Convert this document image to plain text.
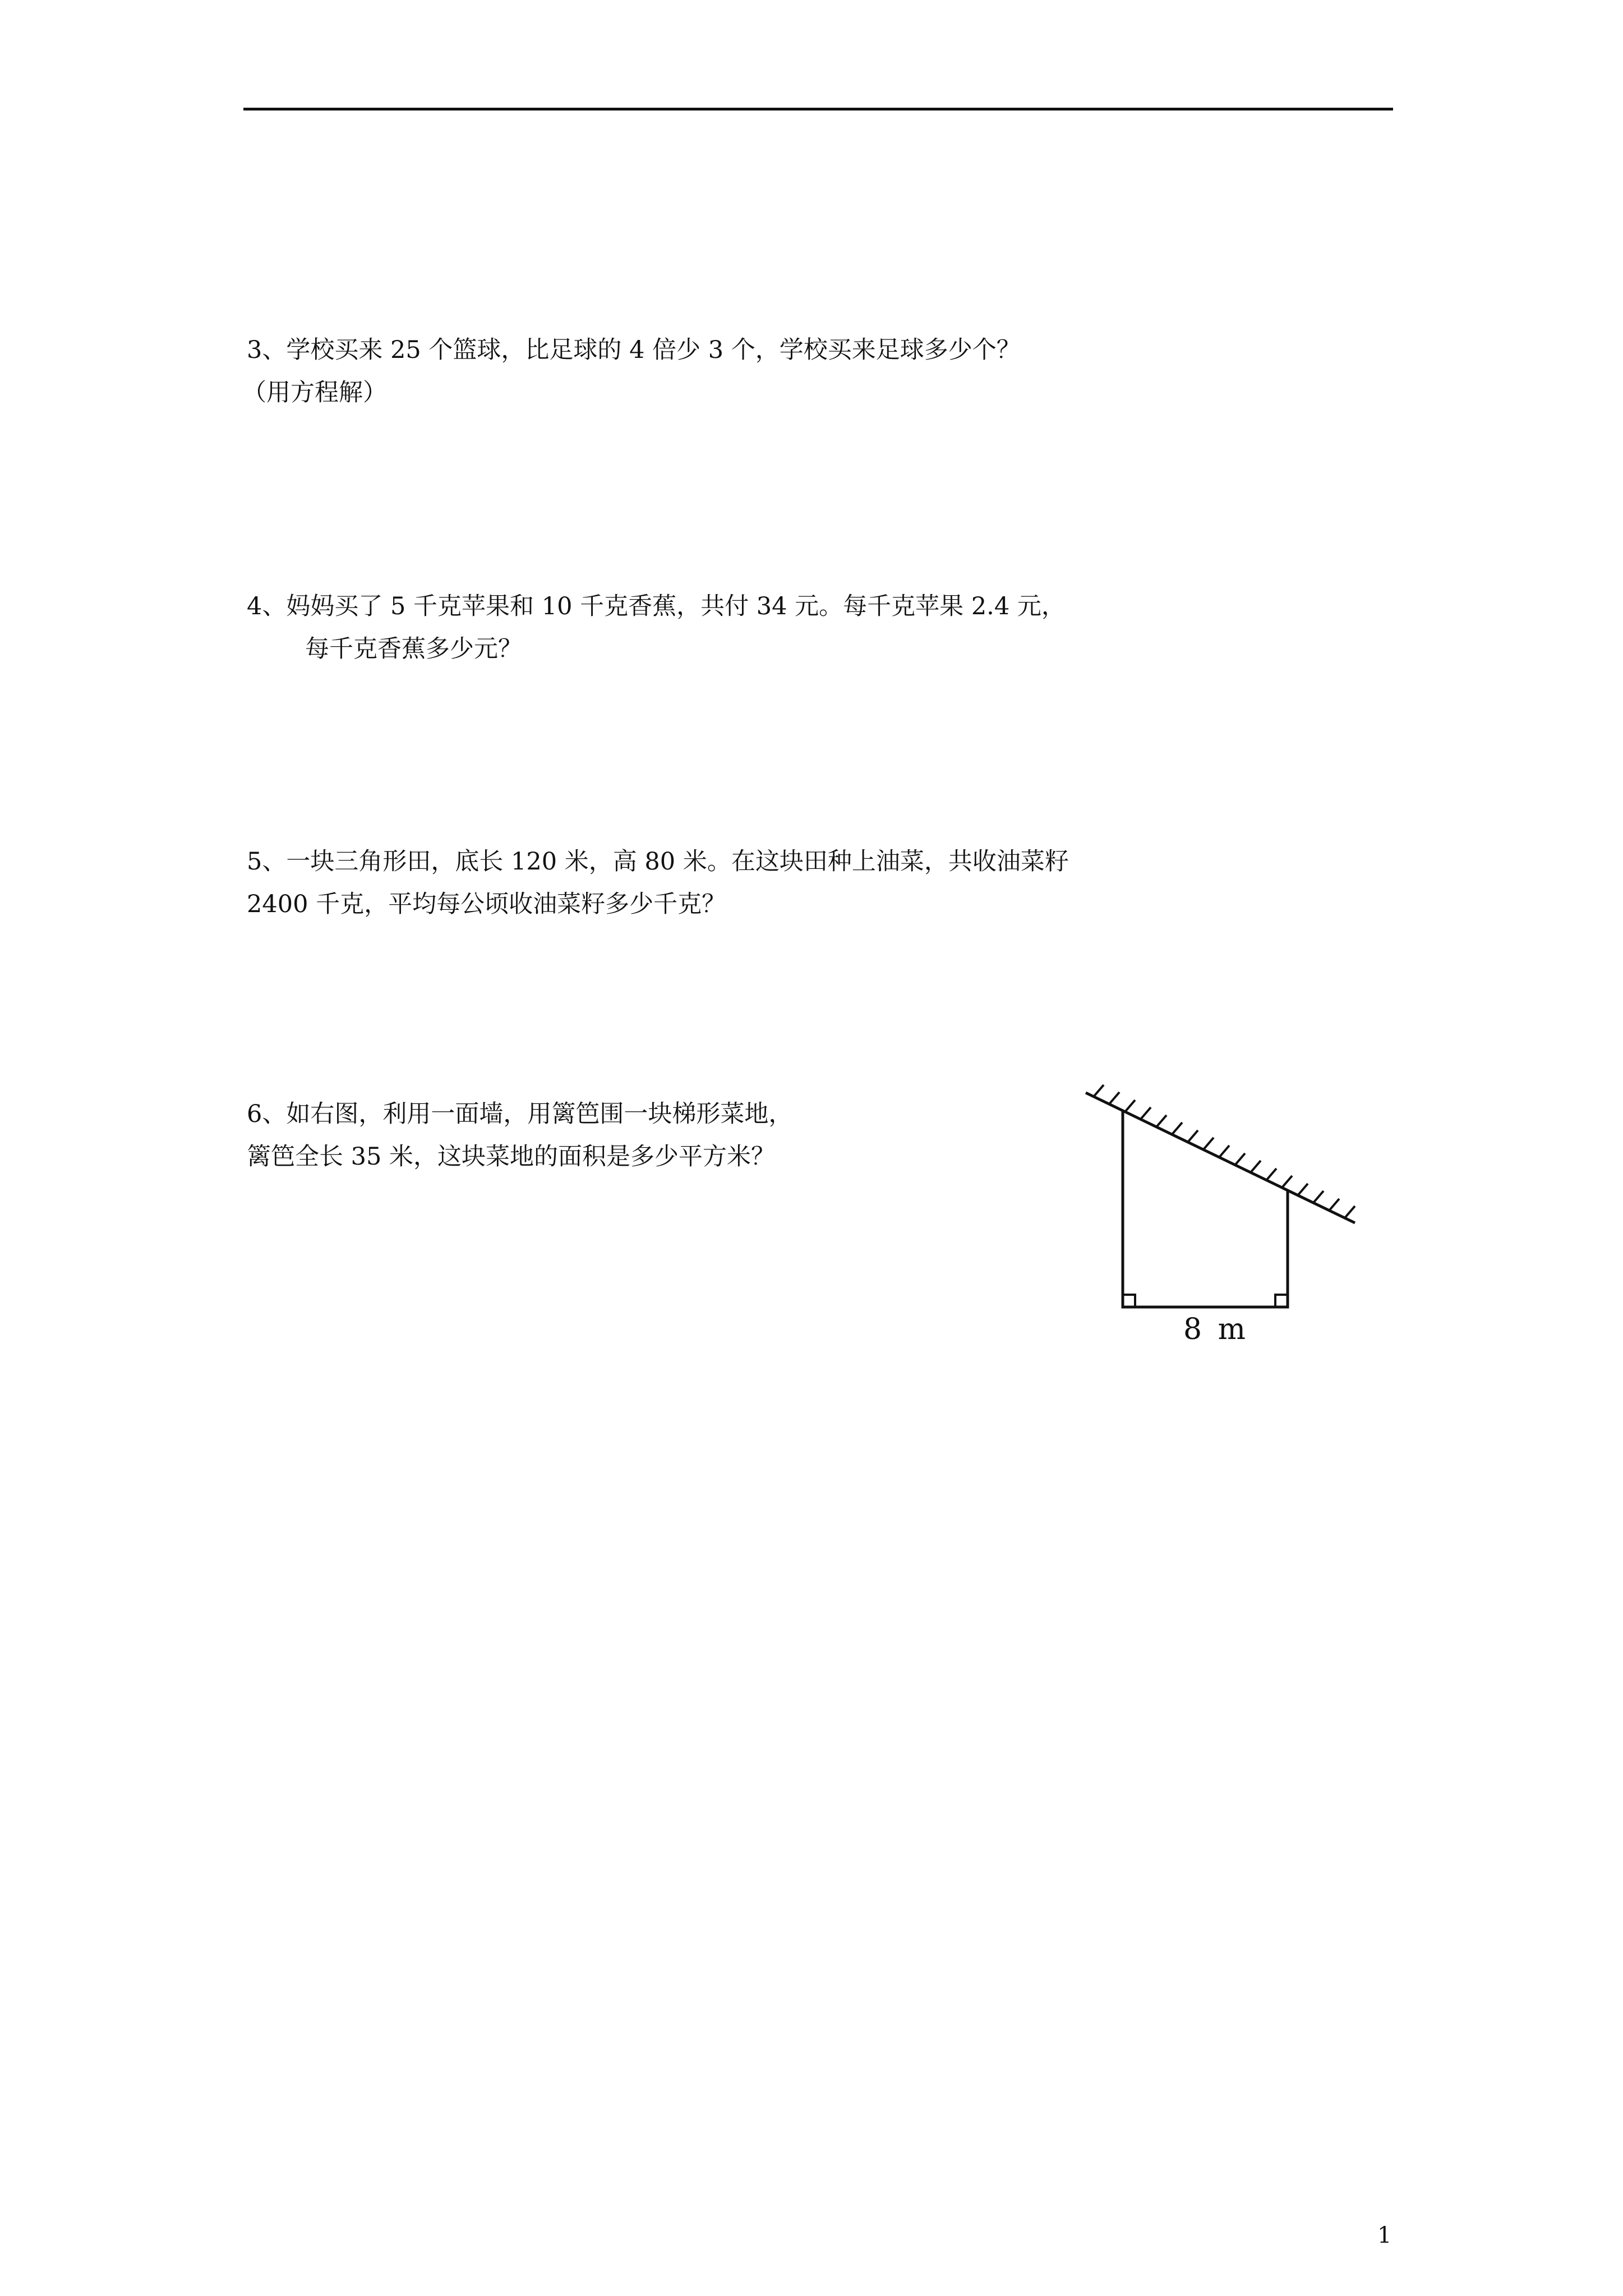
3、学校买来 25 个篮球，比足球的 4 倍少 3 个，学校买来足球多少个？
（用方程解）
4、妈妈买了 5 千克苹果和 10 千克香蕉，共付 34 元。每千克苹果 2.4 元，
每千克香蕉多少元？
5、一块三角形田，底长 120 米，高 80 米。在这块田种上油菜，共收油菜籽
2400 千克，平均每公顷收油菜籽多少千克？
6、如右图，利用一面墙，用篱笆围一块梯形菜地，
篱笆全长 35 米，这块菜地的面积是多少平方米？
8 m
1
